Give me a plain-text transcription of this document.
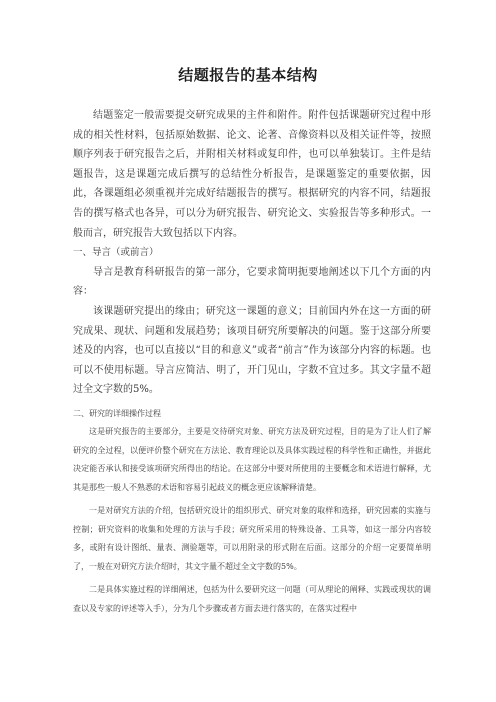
结题报告的基本结构

结题鉴定一般需要提交研究成果的主件和附件。附件包括课题研究过程中形成的相关性材料，包括原始数据、论文、论著、音像资料以及相关证件等，按照顺序列表于研究报告之后，并附相关材料或复印件，也可以单独装订。主件是结题报告，这是课题完成后撰写的总结性分析报告，是课题鉴定的重要依据，因此，各课题组必须重视并完成好结题报告的撰写。根据研究的内容不同，结题报告的撰写格式也各异，可以分为研究报告、研究论文、实验报告等多种形式。一般而言，研究报告大致包括以下内容。

一、导言（或前言）

导言是教育科研报告的第一部分，它要求简明扼要地阐述以下几个方面的内容：

该课题研究提出的缘由；研究这一课题的意义；目前国内外在这一方面的研究成果、现状、问题和发展趋势；该项目研究所要解决的问题。鉴于这部分所要述及的内容，也可以直接以“目的和意义”或者“前言”作为该部分内容的标题。也可以不使用标题。导言应简洁、明了，开门见山，字数不宜过多。其文字量不超过全文字数的5%。

二、研究的详细操作过程

这是研究报告的主要部分，主要是交待研究对象、研究方法及研究过程，目的是为了让人们了解研究的全过程，以便评价整个研究在方法论、教育理论以及具体实践过程的科学性和正确性，并据此决定能否承认和接受该项研究所得出的结论。在这部分中要对所使用的主要概念和术语进行解释，尤其是那些一般人不熟悉的术语和容易引起歧义的概念更应该解释清楚。

一是对研究方法的介绍，包括研究设计的组织形式、研究对象的取样和选择，研究因素的实施与控制；研究资料的收集和处理的方法与手段；研究所采用的特殊设备、工具等，如这一部分内容较多，或附有设计图纸、量表、测验题等，可以用附录的形式附在后面。这部分的介绍一定要简单明了，一般在对研究方法介绍时，其文字量不超过全文字数的5%。

二是具体实施过程的详细阐述，包括为什么要研究这一问题（可从理论的阐释、实践或现状的调查以及专家的评述等入手），分为几个步骤或者方面去进行落实的，在落实过程中
